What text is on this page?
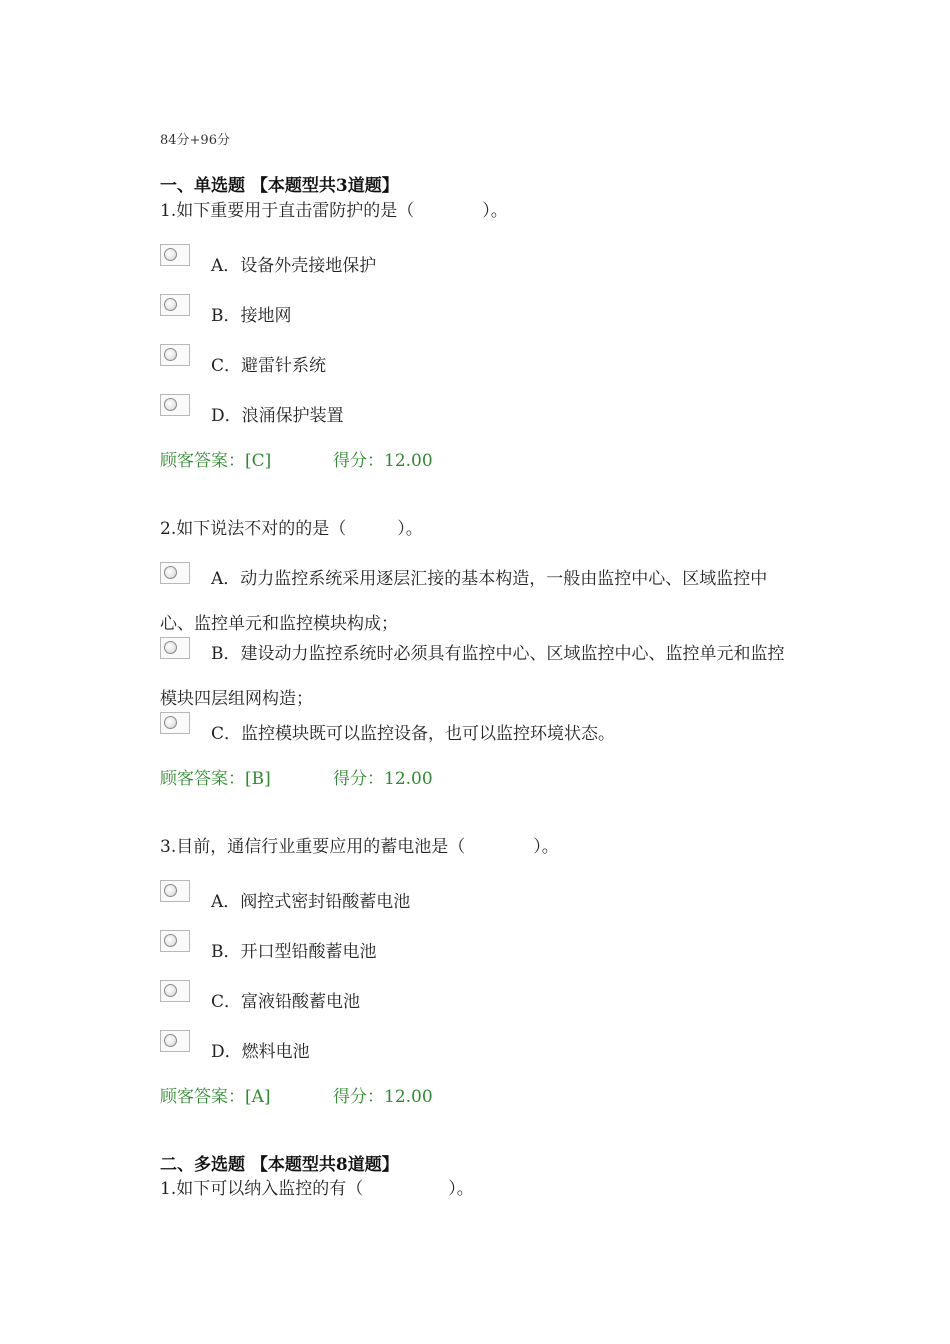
84分+96分
一、单选题 【本题型共3道题】
1.如下重要用于直击雷防护的是（　　　　）。
A．设备外壳接地保护
B．接地网
C．避雷针系统
D．浪涌保护装置
顾客答案：[C]	得分：12.00
2.如下说法不对的的是（　　　）。
A．动力监控系统采用逐层汇接的基本构造，一般由监控中心、区域监控中心、监控单元和监控模块构成；
B．建设动力监控系统时必须具有监控中心、区域监控中心、监控单元和监控模块四层组网构造；
C．监控模块既可以监控设备，也可以监控环境状态。
顾客答案：[B]	得分：12.00
3.目前，通信行业重要应用的蓄电池是（　　　　）。
A．阀控式密封铅酸蓄电池
B．开口型铅酸蓄电池
C．富液铅酸蓄电池
D．燃料电池
顾客答案：[A]	得分：12.00
二、多选题 【本题型共8道题】
1.如下可以纳入监控的有（　　　　　）。
